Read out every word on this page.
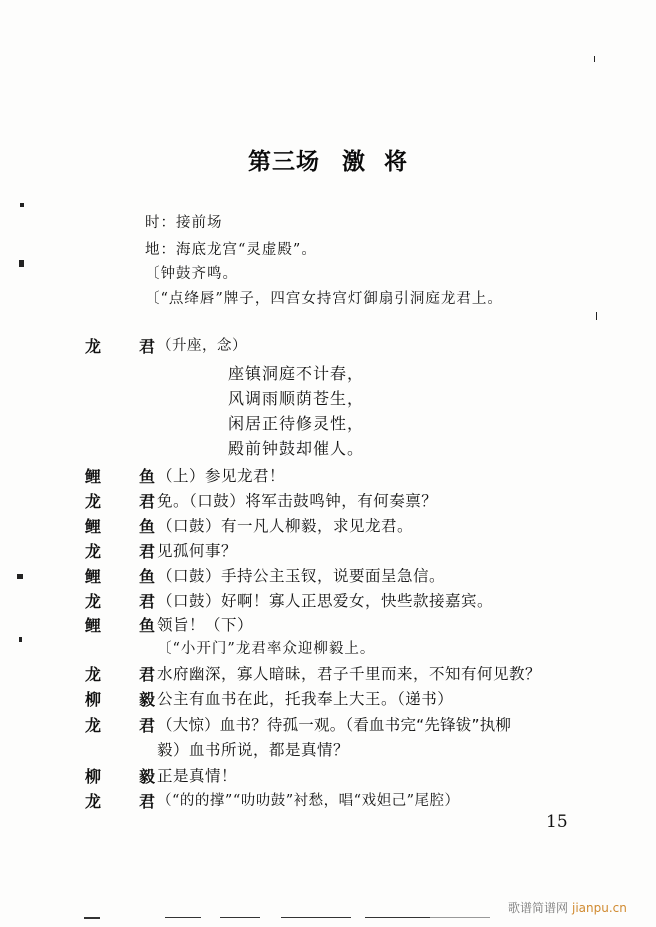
第三场 激 将
时：接前场
地：海底龙宫“灵虚殿”。
〔钟鼓齐鸣。
〔“点绛唇”牌子，四宫女持宫灯御扇引洞庭龙君上。
龙 君 （升座，念）
座镇洞庭不计春，
风调雨顺荫苍生，
闲居正待修灵性，
殿前钟鼓却催人。
鲤 鱼 （上）参见龙君！
龙 君 免。（口鼓）将军击鼓鸣钟，有何奏禀？
鲤 鱼 （口鼓）有一凡人柳毅，求见龙君。
龙 君 见孤何事？
鲤 鱼 （口鼓）手持公主玉钗，说要面呈急信。
龙 君 （口鼓）好啊！寡人正思爱女，快些款接嘉宾。
鲤 鱼 领旨！（下）
〔“小开门”龙君率众迎柳毅上。
龙 君 水府幽深，寡人暗昧，君子千里而来，不知有何见教？
柳 毅 公主有血书在此，托我奉上大王。（递书）
龙 君 （大惊）血书？待孤一观。（看血书完“先锋钹”执柳
毅）血书所说，都是真情？
柳 毅 正是真情！
龙 君 （“的的撑”“叻叻鼓”衬愁，唱“戏妲己”尾腔）
15
歌谱简谱网 jianpu.cn
